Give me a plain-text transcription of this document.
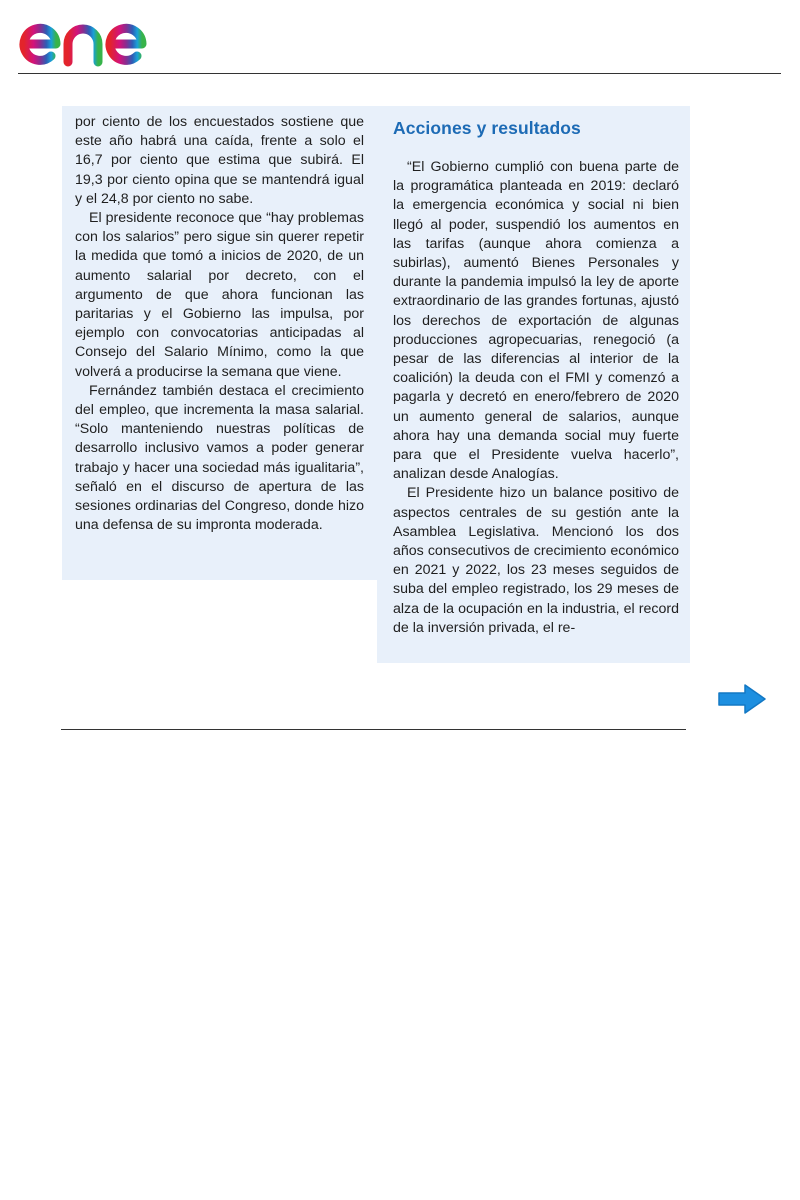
por ciento de los encuestados sostiene que este año habrá una caída, frente a solo el 16,7 por ciento que estima que subirá. El 19,3 por ciento opina que se mantendrá igual y el 24,8 por ciento no sabe.

El presidente reconoce que “hay problemas con los salarios” pero sigue sin querer repetir la medida que tomó a inicios de 2020, de un aumento salarial por decreto, con el argumento de que ahora funcionan las paritarias y el Gobierno las impulsa, por ejemplo con convocatorias anticipadas al Consejo del Salario Mínimo, como la que volverá a producirse la semana que viene.

Fernández también destaca el crecimiento del empleo, que incrementa la masa salarial. “Solo manteniendo nuestras políticas de desarrollo inclusivo vamos a poder generar trabajo y hacer una sociedad más igualitaria”, señaló en el discurso de apertura de las sesiones ordinarias del Congreso, donde hizo una defensa de su impronta moderada.

Acciones y resultados

“El Gobierno cumplió con buena parte de la programática planteada en 2019: declaró la emergencia económica y social ni bien llegó al poder, suspendió los aumentos en las tarifas (aunque ahora comienza a subirlas), aumentó Bienes Personales y durante la pandemia impulsó la ley de aporte extraordinario de las grandes fortunas, ajustó los derechos de exportación de algunas producciones agropecuarias, renegoció (a pesar de las diferencias al interior de la coalición) la deuda con el FMI y comenzó a pagarla y decretó en enero/febrero de 2020 un aumento general de salarios, aunque ahora hay una demanda social muy fuerte para que el Presidente vuelva hacerlo”, analizan desde Analogías.

El Presidente hizo un balance positivo de aspectos centrales de su gestión ante la Asamblea Legislativa. Mencionó los dos años consecutivos de crecimiento económico en 2021 y 2022, los 23 meses seguidos de suba del empleo registrado, los 29 meses de alza de la ocupación en la industria, el record de la inversión privada, el re-
